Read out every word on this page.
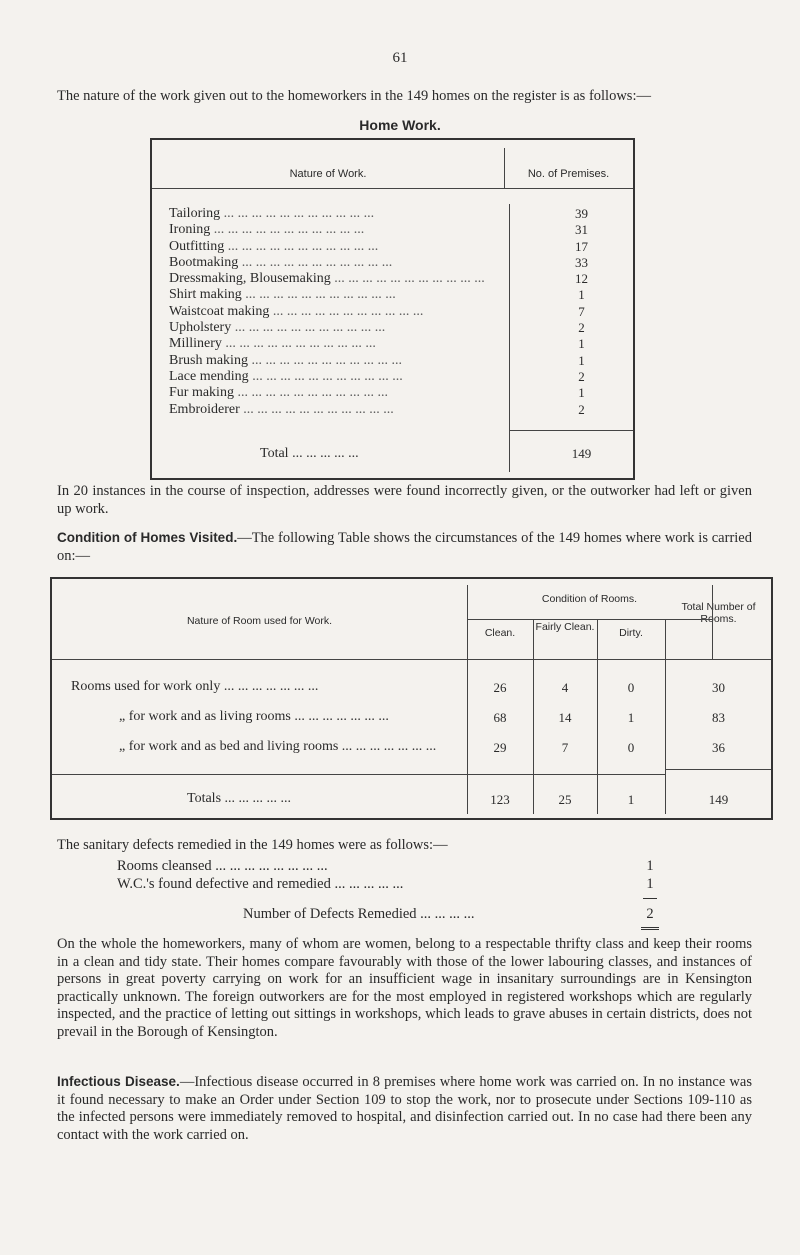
61
The nature of the work given out to the homeworkers in the 149 homes on the register is as follows:—
Home Work.
Nature of Work.	No. of Premises.
Tailoring ... ... ... ... ... ... ... ... ... ... ...	39
Ironing ... ... ... ... ... ... ... ... ... ... ...	31
Outfitting ... ... ... ... ... ... ... ... ... ... ...	17
Bootmaking ... ... ... ... ... ... ... ... ... ... ...	33
Dressmaking, Blousemaking ... ... ... ... ... ... ... ... ... ... ...	12
Shirt making ... ... ... ... ... ... ... ... ... ... ...	1
Waistcoat making ... ... ... ... ... ... ... ... ... ... ...	7
Upholstery ... ... ... ... ... ... ... ... ... ... ...	2
Millinery ... ... ... ... ... ... ... ... ... ... ...	1
Brush making ... ... ... ... ... ... ... ... ... ... ...	1
Lace mending ... ... ... ... ... ... ... ... ... ... ...	2
Fur making ... ... ... ... ... ... ... ... ... ... ...	1
Embroiderer ... ... ... ... ... ... ... ... ... ... ...	2
Total ... ... ... ... ...	149
In 20 instances in the course of inspection, addresses were found incorrectly given, or the outworker had left or given up work.
Condition of Homes Visited.—The following Table shows the circumstances of the 149 homes where work is carried on:—
Nature of Room used for Work.
Condition of Rooms.
Clean.	Fairly Clean.	Dirty.
Total Number of Rooms.
Rooms used for work only ... ... ... ... ... ... ...	26	4	0	30
„ for work and as living rooms ... ... ... ... ... ... ...	68	14	1	83
„ for work and as bed and living rooms ... ... ... ... ... ... ...	29	7	0	36
Totals ... ... ... ... ...	123	25	1	149
The sanitary defects remedied in the 149 homes were as follows:—
Rooms cleansed ... ... ... ... ... ... ... ...	1
W.C.'s found defective and remedied ... ... ... ... ...	1
Number of Defects Remedied ... ... ... ...	2
On the whole the homeworkers, many of whom are women, belong to a respectable thrifty class and keep their rooms in a clean and tidy state. Their homes compare favourably with those of the lower labouring classes, and instances of persons in great poverty carrying on work for an insufficient wage in insanitary surroundings are in Kensington practically unknown. The foreign outworkers are for the most employed in registered workshops which are regularly inspected, and the practice of letting out sittings in workshops, which leads to grave abuses in certain districts, does not prevail in the Borough of Kensington.
Infectious Disease.—Infectious disease occurred in 8 premises where home work was carried on. In no instance was it found necessary to make an Order under Section 109 to stop the work, nor to prosecute under Sections 109-110 as the infected persons were immediately removed to hospital, and disinfection carried out. In no case had there been any contact with the work carried on.
